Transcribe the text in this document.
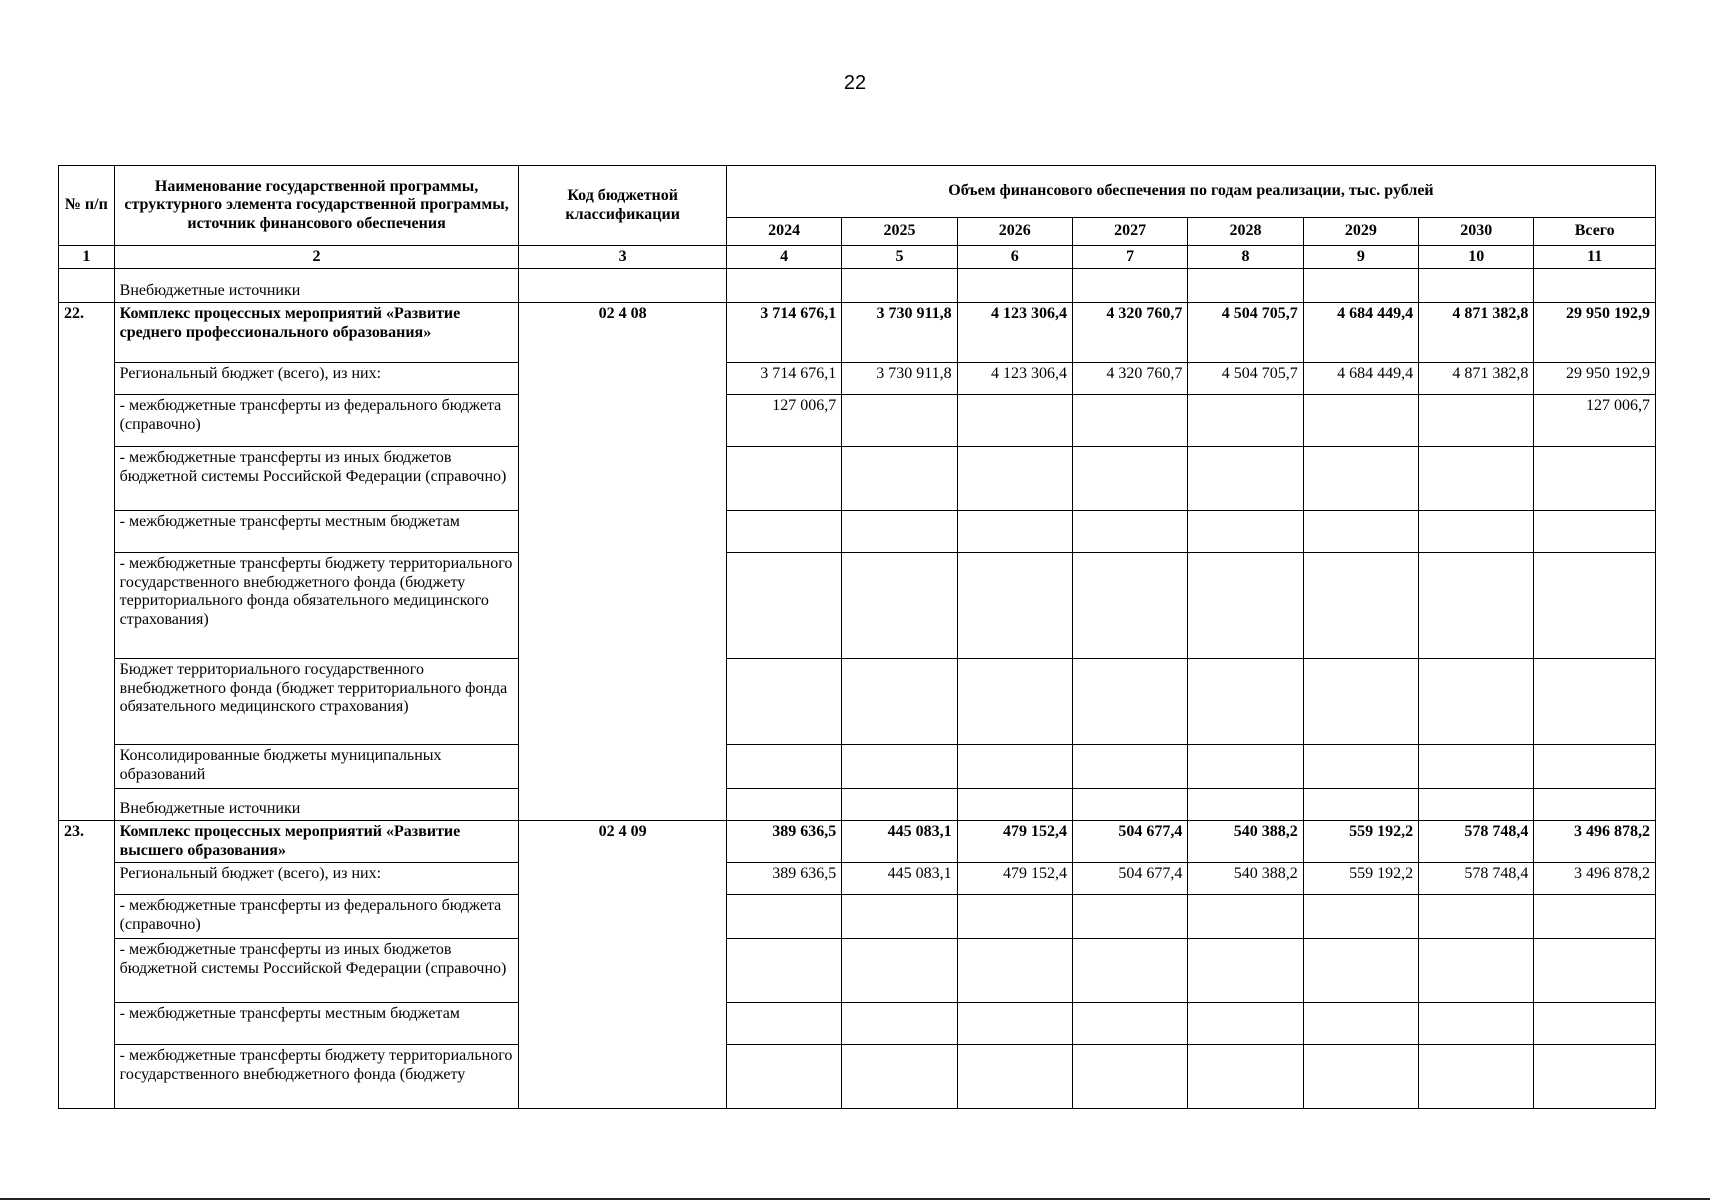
22
№ п/п	Наименование государственной программы, структурного элемента государственной программы, источник финансового обеспечения	Код бюджетной классификации	Объем финансового обеспечения по годам реализации, тыс. рублей							
			2024	2025	2026	2027	2028	2029	2030	Всего
1	2	3	4	5	6	7	8	9	10	11
	Внебюджетные источники									
22.	Комплекс процессных мероприятий «Развитие среднего профессионального образования»	02 4 08	3 714 676,1	3 730 911,8	4 123 306,4	4 320 760,7	4 504 705,7	4 684 449,4	4 871 382,8	29 950 192,9
	Региональный бюджет (всего), из них:		3 714 676,1	3 730 911,8	4 123 306,4	4 320 760,7	4 504 705,7	4 684 449,4	4 871 382,8	29 950 192,9
	- межбюджетные трансферты из федерального бюджета (справочно)		127 006,7							127 006,7
	- межбюджетные трансферты из иных бюджетов бюджетной системы Российской Федерации (справочно)									
	- межбюджетные трансферты местным бюджетам									
	- межбюджетные трансферты бюджету территориального государственного внебюджетного фонда (бюджету территориального фонда обязательного медицинского страхования)									
	Бюджет территориального государственного внебюджетного фонда (бюджет территориального фонда обязательного медицинского страхования)									
	Консолидированные бюджеты муниципальных образований									
	Внебюджетные источники									
23.	Комплекс процессных мероприятий «Развитие высшего образования»	02 4 09	389 636,5	445 083,1	479 152,4	504 677,4	540 388,2	559 192,2	578 748,4	3 496 878,2
	Региональный бюджет (всего), из них:		389 636,5	445 083,1	479 152,4	504 677,4	540 388,2	559 192,2	578 748,4	3 496 878,2
	- межбюджетные трансферты из федерального бюджета (справочно)									
	- межбюджетные трансферты из иных бюджетов бюджетной системы Российской Федерации (справочно)									
	- межбюджетные трансферты местным бюджетам									
	- межбюджетные трансферты бюджету территориального государственного внебюджетного фонда (бюджету									
